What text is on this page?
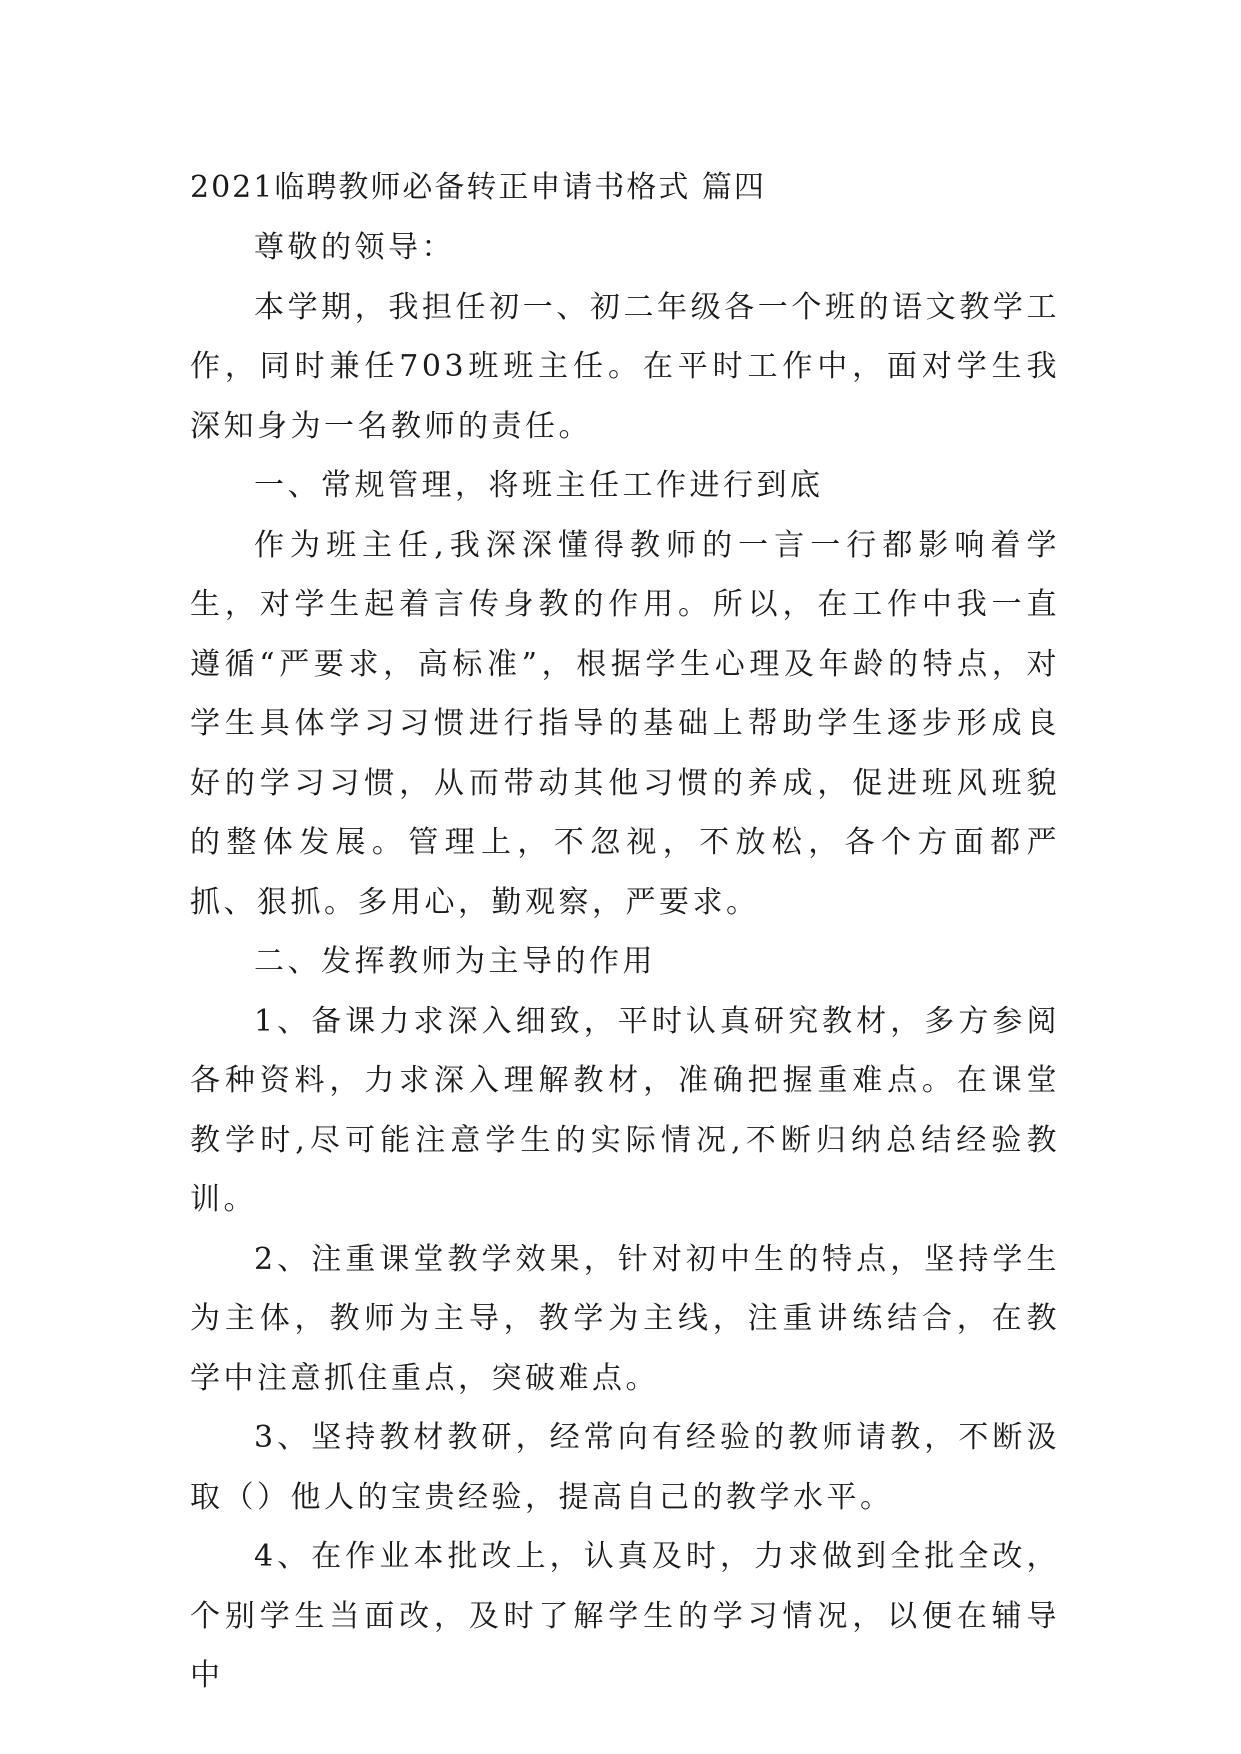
2021临聘教师必备转正申请书格式 篇四

尊敬的领导：

本学期，我担任初一、初二年级各一个班的语文教学工作，同时兼任703班班主任。在平时工作中，面对学生我深知身为一名教师的责任。

一、常规管理，将班主任工作进行到底

作为班主任,我深深懂得教师的一言一行都影响着学生，对学生起着言传身教的作用。所以，在工作中我一直遵循“严要求，高标准”，根据学生心理及年龄的特点，对学生具体学习习惯进行指导的基础上帮助学生逐步形成良好的学习习惯，从而带动其他习惯的养成，促进班风班貌的整体发展。管理上，不忽视，不放松，各个方面都严抓、狠抓。多用心，勤观察，严要求。

二、发挥教师为主导的作用

1、备课力求深入细致，平时认真研究教材，多方参阅各种资料，力求深入理解教材，准确把握重难点。在课堂教学时,尽可能注意学生的实际情况,不断归纳总结经验教训。

2、注重课堂教学效果，针对初中生的特点，坚持学生为主体，教师为主导，教学为主线，注重讲练结合，在教学中注意抓住重点，突破难点。

3、坚持教材教研，经常向有经验的教师请教，不断汲取（）他人的宝贵经验，提高自己的教学水平。

4、在作业本批改上，认真及时，力求做到全批全改，个别学生当面改，及时了解学生的学习情况，以便在辅导中
